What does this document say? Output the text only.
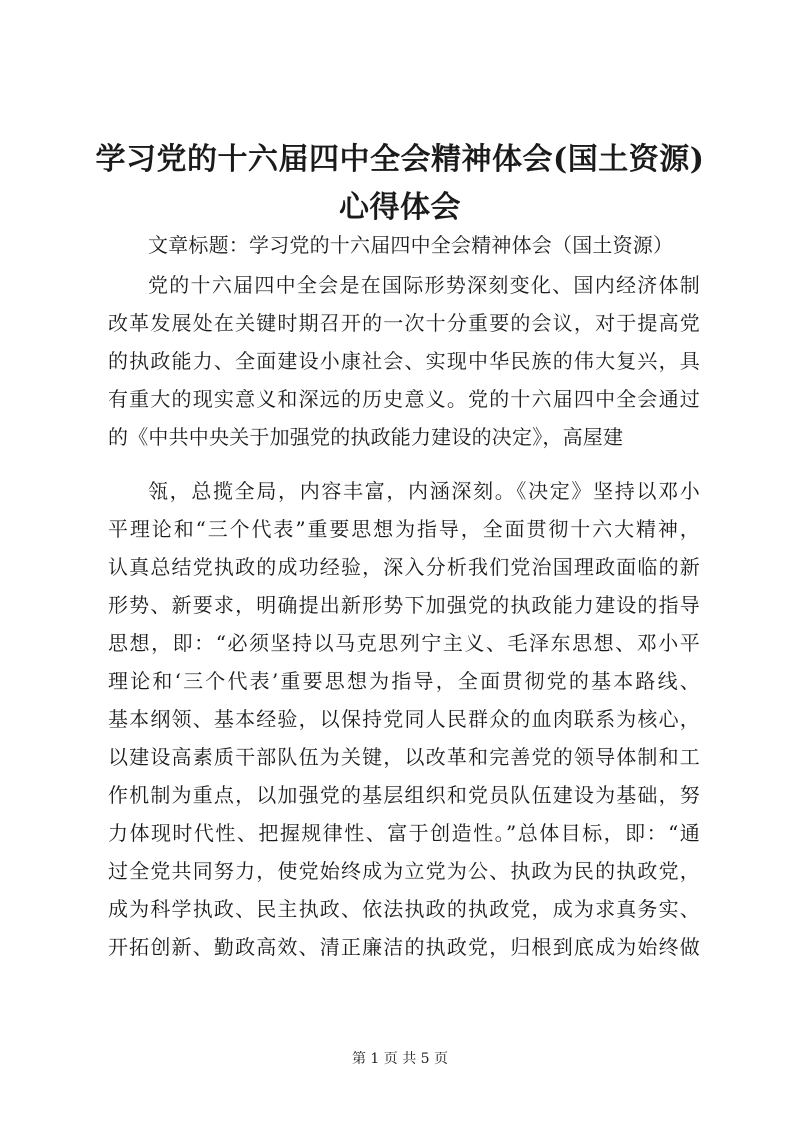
学习党的十六届四中全会精神体会(国土资源)
心得体会

文章标题：学习党的十六届四中全会精神体会（国土资源）

党的十六届四中全会是在国际形势深刻变化、国内经济体制

改革发展处在关键时期召开的一次十分重要的会议，对于提高党

的执政能力、全面建设小康社会、实现中华民族的伟大复兴，具

有重大的现实意义和深远的历史意义。党的十六届四中全会通过

的《中共中央关于加强党的执政能力建设的决定》，高屋建

瓴，总揽全局，内容丰富，内涵深刻。《决定》坚持以邓小

平理论和“三个代表”重要思想为指导，全面贯彻十六大精神，

认真总结党执政的成功经验，深入分析我们党治国理政面临的新

形势、新要求，明确提出新形势下加强党的执政能力建设的指导

思想，即：“必须坚持以马克思列宁主义、毛泽东思想、邓小平

理论和‘三个代表’重要思想为指导，全面贯彻党的基本路线、

基本纲领、基本经验，以保持党同人民群众的血肉联系为核心，

以建设高素质干部队伍为关键，以改革和完善党的领导体制和工

作机制为重点，以加强党的基层组织和党员队伍建设为基础，努

力体现时代性、把握规律性、富于创造性。”总体目标，即：“通

过全党共同努力，使党始终成为立党为公、执政为民的执政党，

成为科学执政、民主执政、依法执政的执政党，成为求真务实、

开拓创新、勤政高效、清正廉洁的执政党，归根到底成为始终做

第 1 页 共 5 页
